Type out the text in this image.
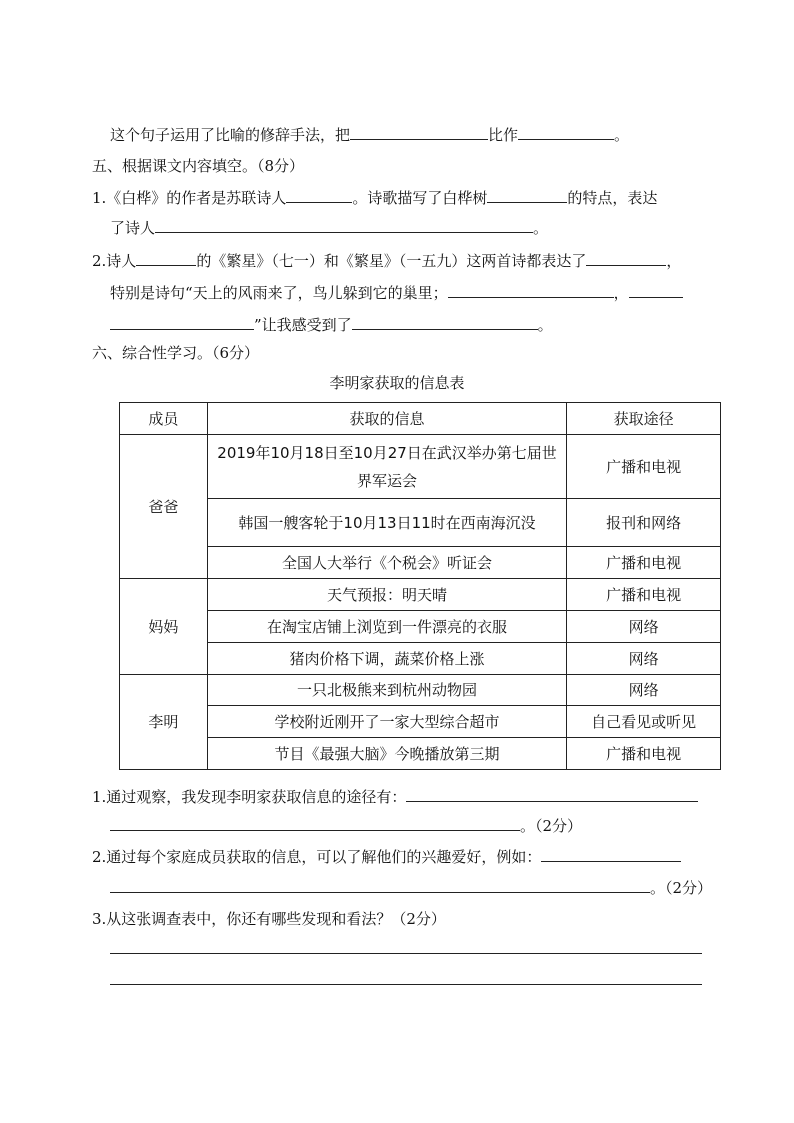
这个句子运用了比喻的修辞手法，把	比作	。
五、根据课文内容填空。（8分）
1.《白桦》的作者是苏联诗人	。诗歌描写了白桦树	的特点，表达
了诗人	。
2.诗人	的《繁星》（七一）和《繁星》（一五九）这两首诗都表达了	，
特别是诗句“天上的风雨来了，鸟儿躲到它的巢里；	，
”让我感受到了	。
六、综合性学习。（6分）
李明家获取的信息表
成员	获取的信息	获取途径
爸爸	2019年10月18日至10月27日在武汉举办第七届世界军运会	广播和电视
	韩国一艘客轮于10月13日11时在西南海沉没	报刊和网络
	全国人大举行《个税会》听证会	广播和电视
妈妈	天气预报：明天晴	广播和电视
	在淘宝店铺上浏览到一件漂亮的衣服	网络
	猪肉价格下调，蔬菜价格上涨	网络
李明	一只北极熊来到杭州动物园	网络
	学校附近刚开了一家大型综合超市	自己看见或听见
	节目《最强大脑》今晚播放第三期	广播和电视
1.通过观察，我发现李明家获取信息的途径有：
。（2分）
2.通过每个家庭成员获取的信息，可以了解他们的兴趣爱好，例如：
。（2分）
3.从这张调查表中，你还有哪些发现和看法？（2分）
